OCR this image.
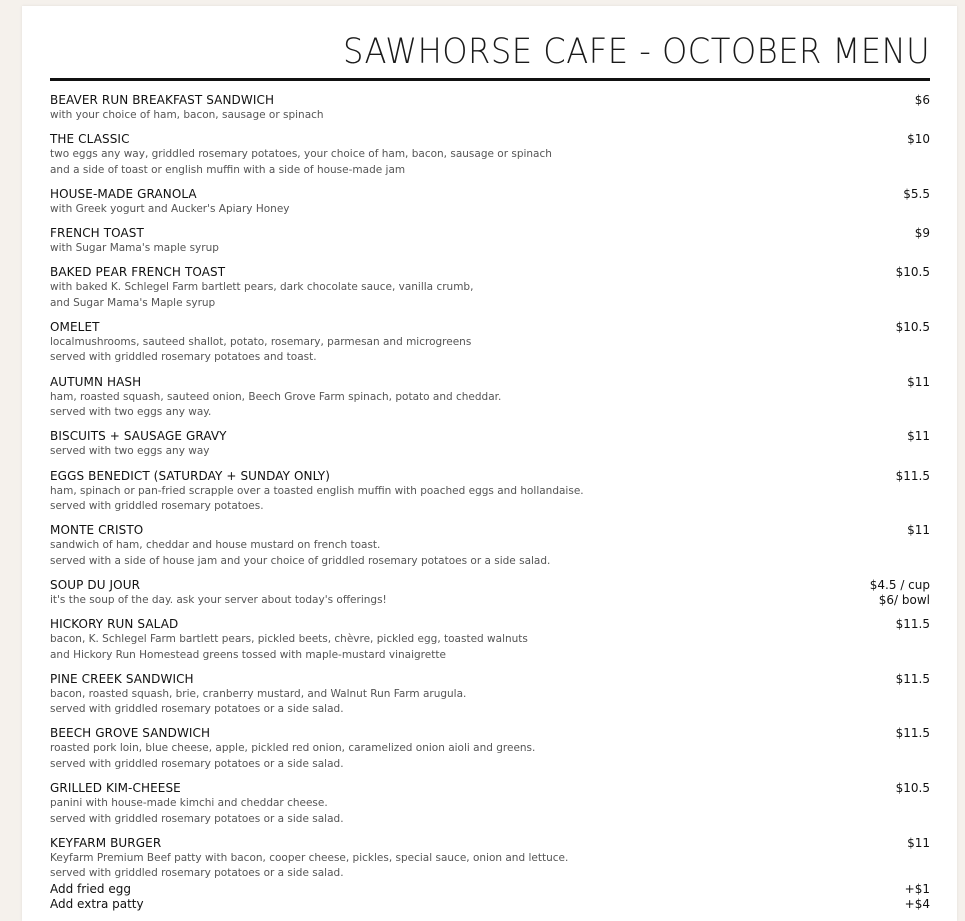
SAWHORSE CAFE - OCTOBER MENU
BEAVER RUN BREAKFAST SANDWICH
with your choice of ham, bacon, sausage or spinach
$6
THE CLASSIC
two eggs any way, griddled rosemary potatoes, your choice of ham, bacon, sausage or spinach
and a side of toast or english muffin with a side of house-made jam
$10
HOUSE-MADE GRANOLA
with Greek yogurt and Aucker's Apiary Honey
$5.5
FRENCH TOAST
with Sugar Mama's maple syrup
$9
BAKED PEAR FRENCH TOAST
with baked K. Schlegel Farm bartlett pears, dark chocolate sauce, vanilla crumb,
and Sugar Mama's Maple syrup
$10.5
OMELET
localmushrooms, sauteed shallot, potato, rosemary, parmesan and microgreens
served with griddled rosemary potatoes and toast.
$10.5
AUTUMN HASH
ham, roasted squash, sauteed onion, Beech Grove Farm spinach, potato and cheddar.
served with two eggs any way.
$11
BISCUITS + SAUSAGE GRAVY
served with two eggs any way
$11
EGGS BENEDICT (SATURDAY + SUNDAY ONLY)
ham, spinach or pan-fried scrapple over a toasted english muffin with poached eggs and hollandaise.
served with griddled rosemary potatoes.
$11.5
MONTE CRISTO
sandwich of ham, cheddar and house mustard on french toast.
served with a side of house jam and your choice of griddled rosemary potatoes or a side salad.
$11
SOUP DU JOUR
it's the soup of the day. ask your server about today's offerings!
$4.5 / cup
$6/ bowl
HICKORY RUN SALAD
bacon, K. Schlegel Farm bartlett pears, pickled beets, chèvre, pickled egg, toasted walnuts
and Hickory Run Homestead greens tossed with maple-mustard vinaigrette
$11.5
PINE CREEK SANDWICH
bacon, roasted squash, brie, cranberry mustard, and Walnut Run Farm arugula.
served with griddled rosemary potatoes or a side salad.
$11.5
BEECH GROVE SANDWICH
roasted pork loin, blue cheese, apple, pickled red onion, caramelized onion aioli and greens.
served with griddled rosemary potatoes or a side salad.
$11.5
GRILLED KIM-CHEESE
panini with house-made kimchi and cheddar cheese.
served with griddled rosemary potatoes or a side salad.
$10.5
KEYFARM BURGER
Keyfarm Premium Beef patty with bacon, cooper cheese, pickles, special sauce, onion and lettuce.
served with griddled rosemary potatoes or a side salad.
$11
Add fried egg	+$1
Add extra patty	+$4
